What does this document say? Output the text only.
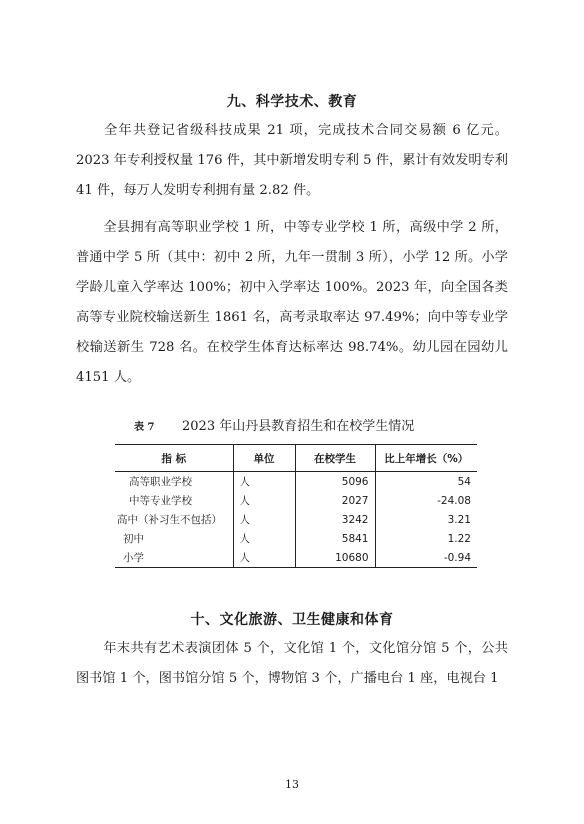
九、科学技术、教育

全年共登记省级科技成果 21 项，完成技术合同交易额 6 亿元。2023 年专利授权量 176 件，其中新增发明专利 5 件，累计有效发明专利 41 件，每万人发明专利拥有量 2.82 件。

全县拥有高等职业学校 1 所，中等专业学校 1 所，高级中学 2 所，普通中学 5 所（其中：初中 2 所，九年一贯制 3 所），小学 12 所。小学学龄儿童入学率达 100%；初中入学率达 100%。2023 年，向全国各类高等专业院校输送新生 1861 名，高考录取率达 97.49%；向中等专业学校输送新生 728 名。在校学生体育达标率达 98.74%。幼儿园在园幼儿 4151 人。

表 7 2023 年山丹县教育招生和在校学生情况
指 标	单位	在校学生	比上年增长（%）
高等职业学校	人	5096	54
中等专业学校	人	2027	-24.08
高中（补习生不包括）	人	3242	3.21
初中	人	5841	1.22
小学	人	10680	-0.94
十、文化旅游、卫生健康和体育

年末共有艺术表演团体 5 个，文化馆 1 个，文化馆分馆 5 个，公共图书馆 1 个，图书馆分馆 5 个，博物馆 3 个，广播电台 1 座，电视台 1

13
